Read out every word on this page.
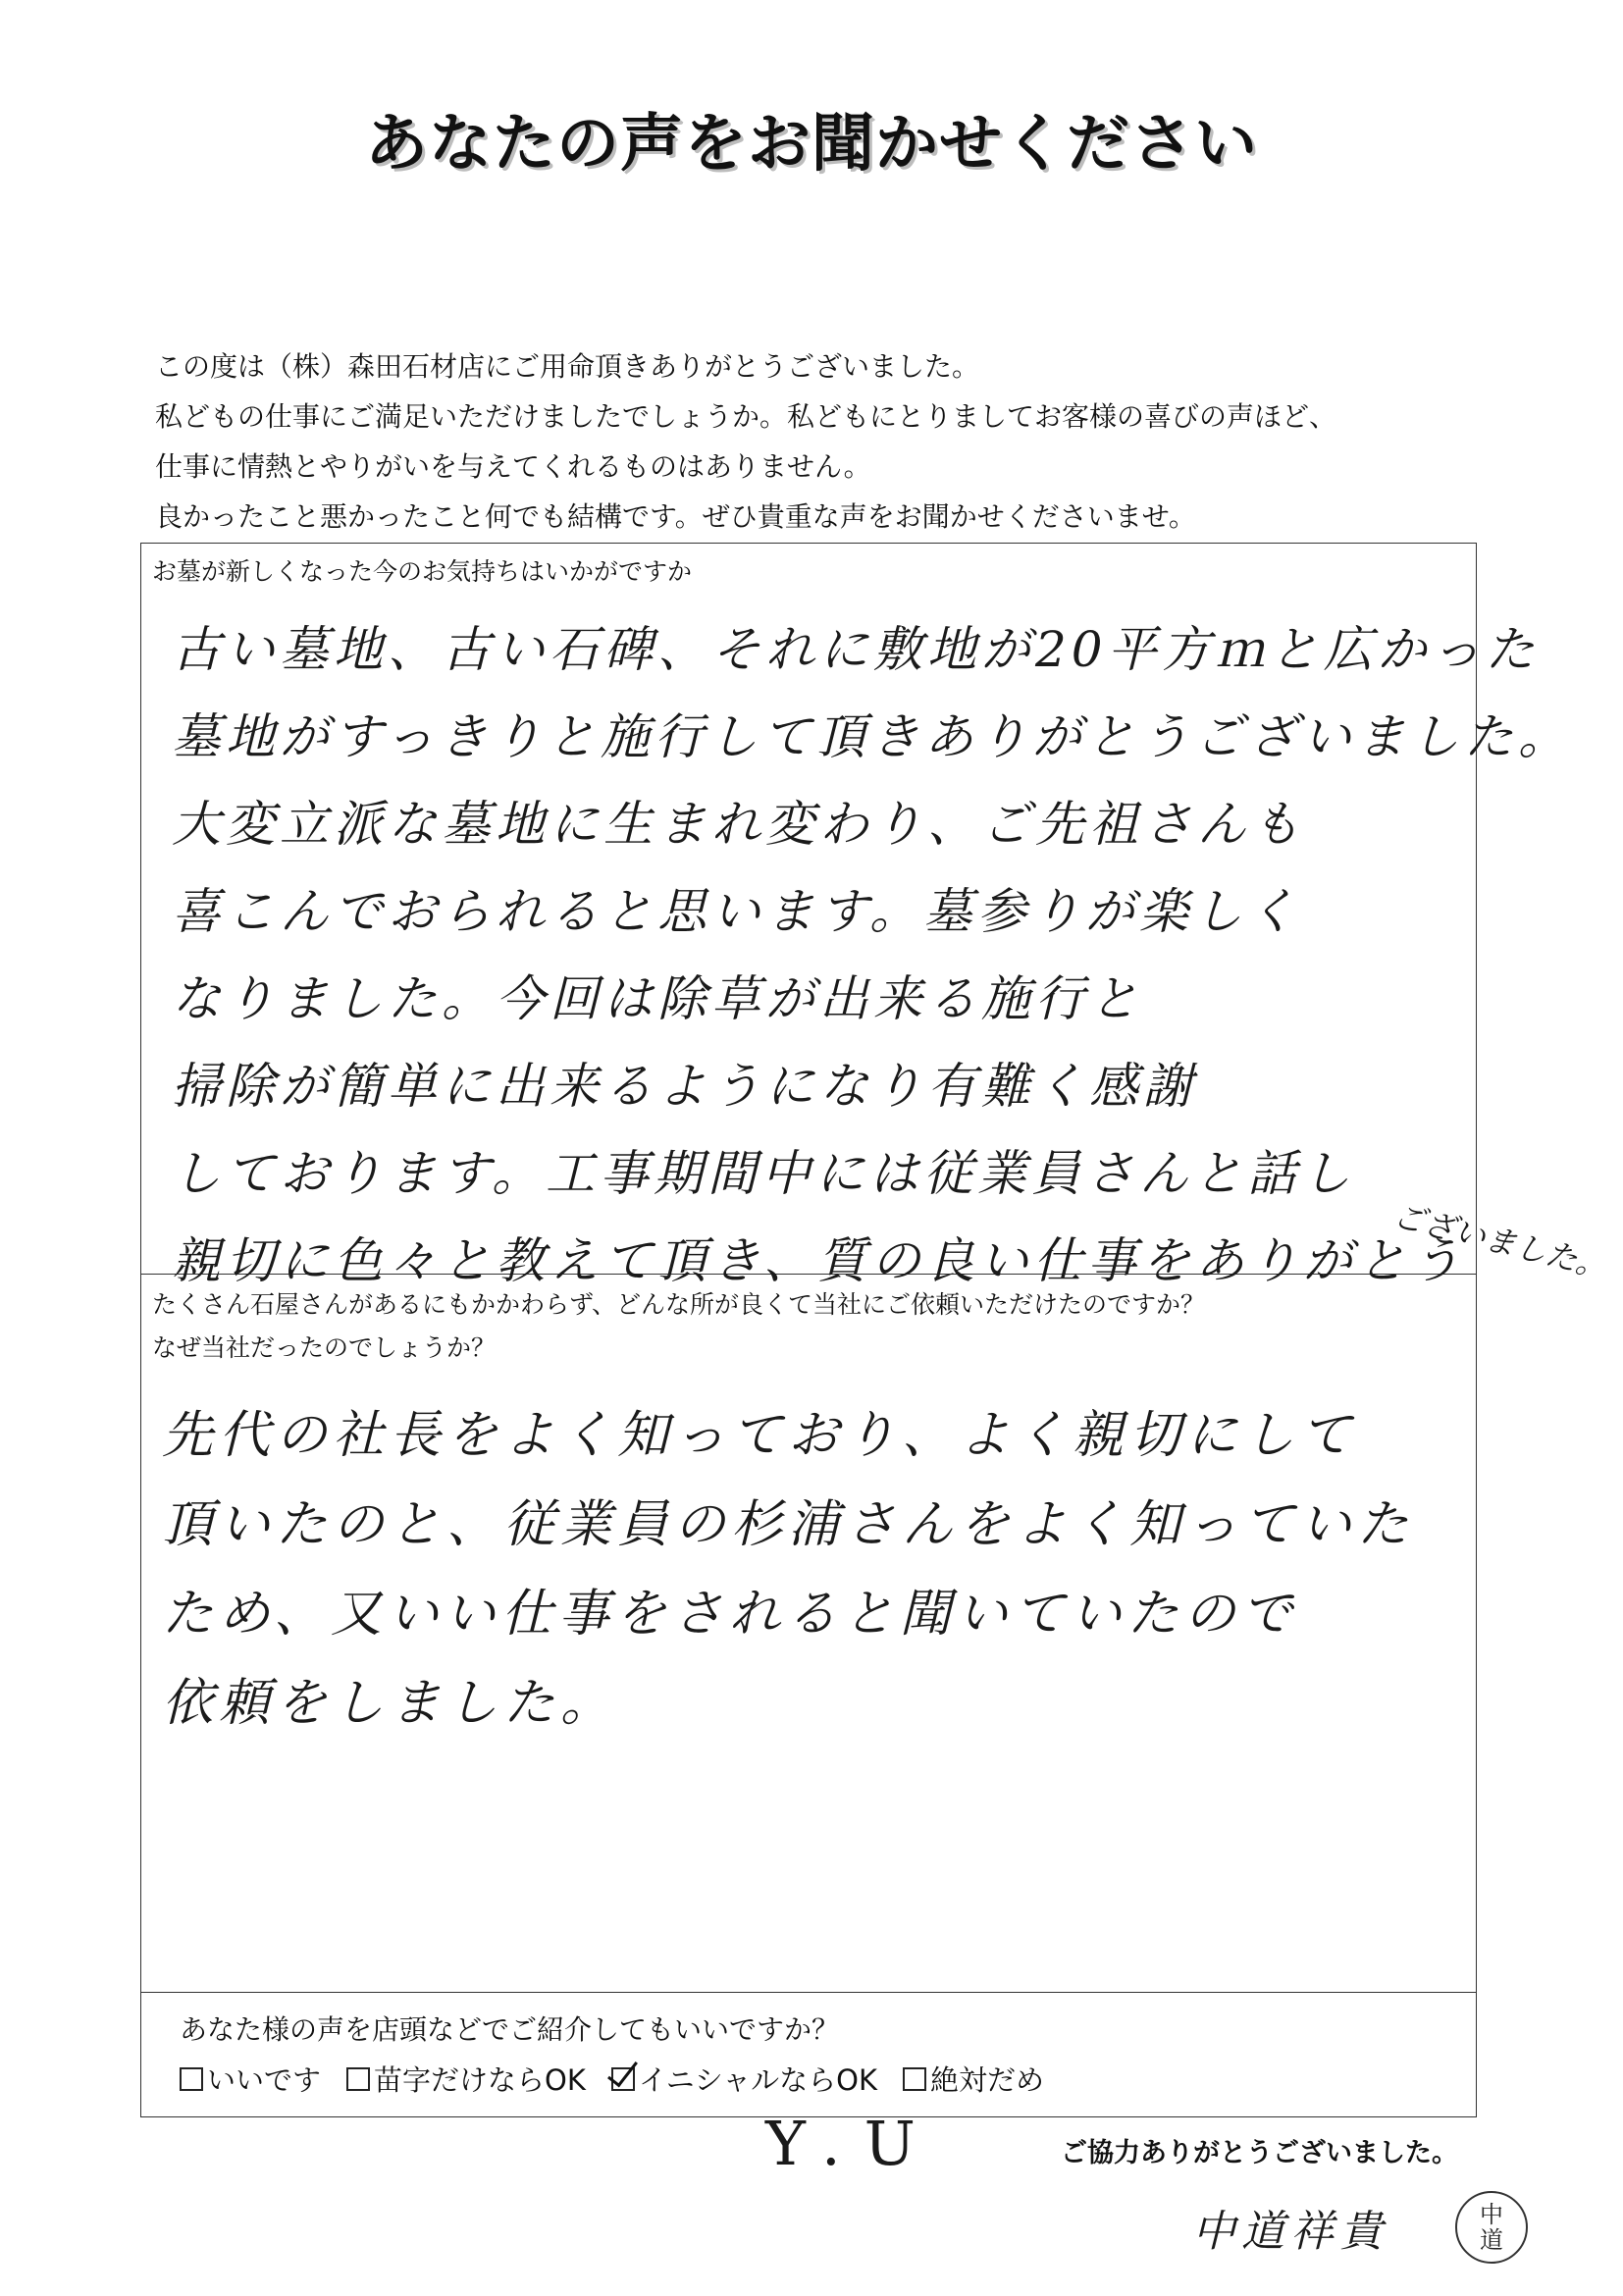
あなたの声をお聞かせください
この度は（株）森田石材店にご用命頂きありがとうございました。
私どもの仕事にご満足いただけましたでしょうか。私どもにとりましてお客様の喜びの声ほど、
仕事に情熱とやりがいを与えてくれるものはありません。
良かったこと悪かったこと何でも結構です。ぜひ貴重な声をお聞かせくださいませ。
お墓が新しくなった今のお気持ちはいかがですか
古い墓地、古い石碑、それに敷地が20平方ｍと広かった
墓地がすっきりと施行して頂きありがとうございました。
大変立派な墓地に生まれ変わり、ご先祖さんも
喜こんでおられると思います。墓参りが楽しく
なりました。今回は除草が出来る施行と
掃除が簡単に出来るようになり有難く感謝
しております。工事期間中には従業員さんと話し
親切に色々と教えて頂き、質の良い仕事をありがとう
ございました。
たくさん石屋さんがあるにもかかわらず、どんな所が良くて当社にご依頼いただけたのですか？
なぜ当社だったのでしょうか？
先代の社長をよく知っており、よく親切にして
頂いたのと、従業員の杉浦さんをよく知っていた
ため、又いい仕事をされると聞いていたので
依頼をしました。
あなた様の声を店頭などでご紹介してもいいですか？
いいです 苗字だけならOK イニシャルならOK 絶対だめ
Y.U	ご協力ありがとうございました。
中道祥貴	中
道
